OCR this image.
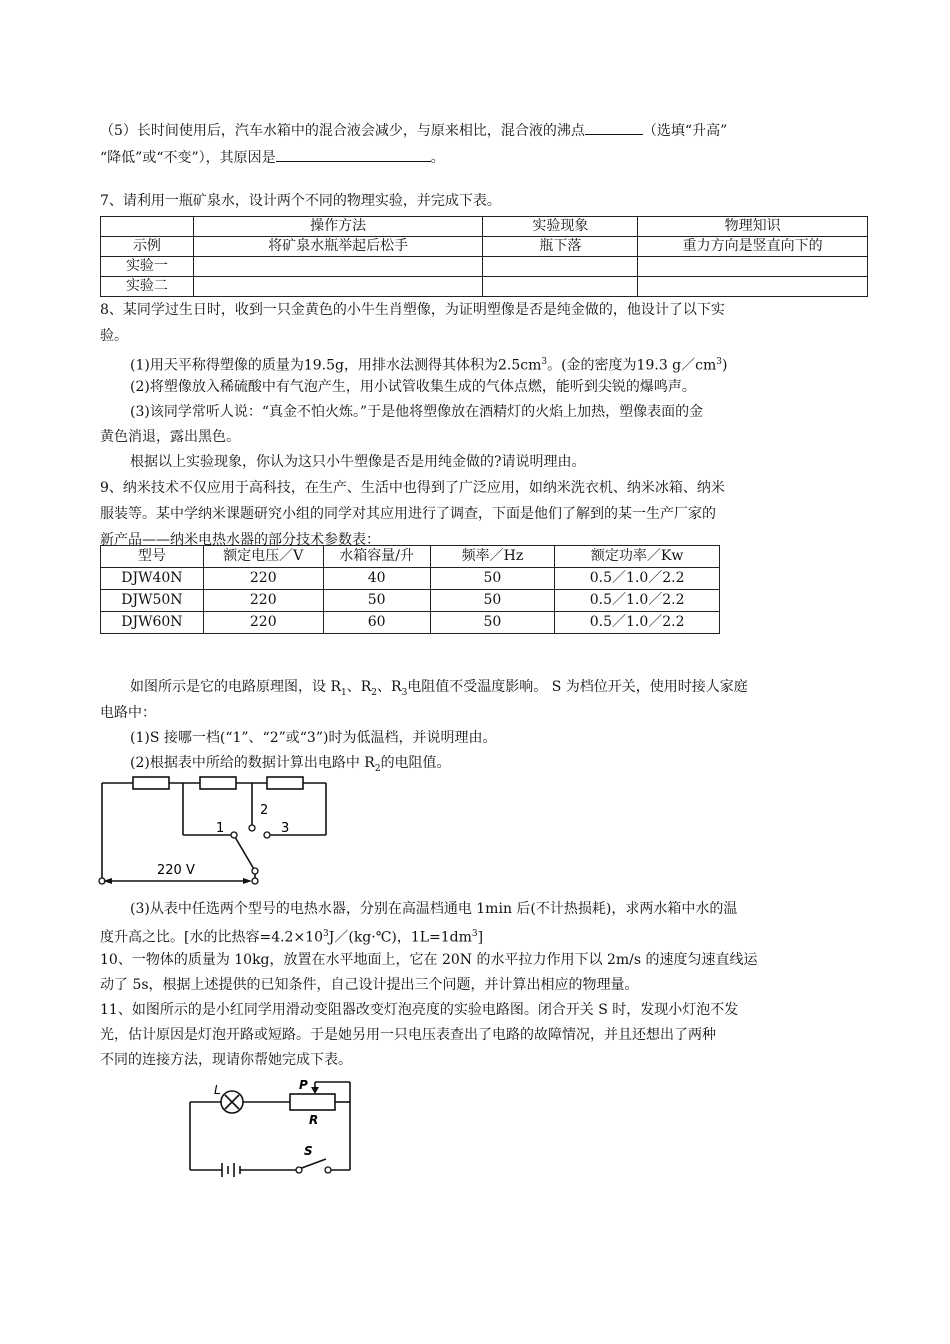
（5）长时间使用后，汽车水箱中的混合液会减少，与原来相比，混合液的沸点	（选填“升高”
“降低”或“不变”），其原因是	。
7、请利用一瓶矿泉水，设计两个不同的物理实验，并完成下表。
	操作方法	实验现象	物理知识
示例	将矿泉水瓶举起后松手	瓶下落	重力方向是竖直向下的
实验一			
实验二			
8、某同学过生日时，收到一只金黄色的小牛生肖塑像，为证明塑像是否是纯金做的，他设计了以下实
验。
(1)用天平称得塑像的质量为19.5g，用排水法测得其体积为$2.5cm^3$。(金的密度为19.3 $g/cm^3$)
(2)将塑像放入稀硫酸中有气泡产生，用小试管收集生成的气体点燃，能听到尖锐的爆鸣声。
(3)该同学常听人说：“真金不怕火炼。”于是他将塑像放在酒精灯的火焰上加热，塑像表面的金
黄色消退，露出黑色。
根据以上实验现象，你认为这只小牛塑像是否是用纯金做的?请说明理由。
9、纳米技术不仅应用于高科技，在生产、生活中也得到了广泛应用，如纳米洗衣机、纳米冰箱、纳米
服装等。某中学纳米课题研究小组的同学对其应用进行了调查，下面是他们了解到的某一生产厂家的
新产品——纳米电热水器的部分技术参数表：
型号	额定电压／V	水箱容量/升	频率／Hz	额定功率／Kw
DJW40N	220	40	50	0.5／1.0／2.2
DJW50N	220	50	50	0.5／1.0／2.2
DJW60N	220	60	50	0.5／1.0／2.2
如图所示是它的电路原理图，设 $R_1$、$R_2$、$R_3$电阻值不受温度影响。 S 为档位开关，使用时接人家庭
电路中：
(1)S 接哪一档(“1”、“2”或“3”)时为低温档，并说明理由。
(2)根据表中所给的数据计算出电路中 $R_2$的电阻值。
1
2
3
220 V
(3)从表中任选两个型号的电热水器，分别在高温档通电 1min 后(不计热损耗)，求两水箱中水的温
度升高之比。[水的比热容$=4.2\times 10^3J/(kg\cdot℃)$，$1L=1dm^3$]
10、一物体的质量为 10kg，放置在水平地面上，它在 20N 的水平拉力作用下以 2m/s 的速度匀速直线运
动了 5s，根据上述提供的已知条件，自己设计提出三个问题，并计算出相应的物理量。
11、如图所示的是小红同学用滑动变阻器改变灯泡亮度的实验电路图。闭合开关 S 时，发现小灯泡不发
光，估计原因是灯泡开路或短路。于是她另用一只电压表查出了电路的故障情况，并且还想出了两种
不同的连接方法，现请你帮她完成下表。
L	P
R
S
